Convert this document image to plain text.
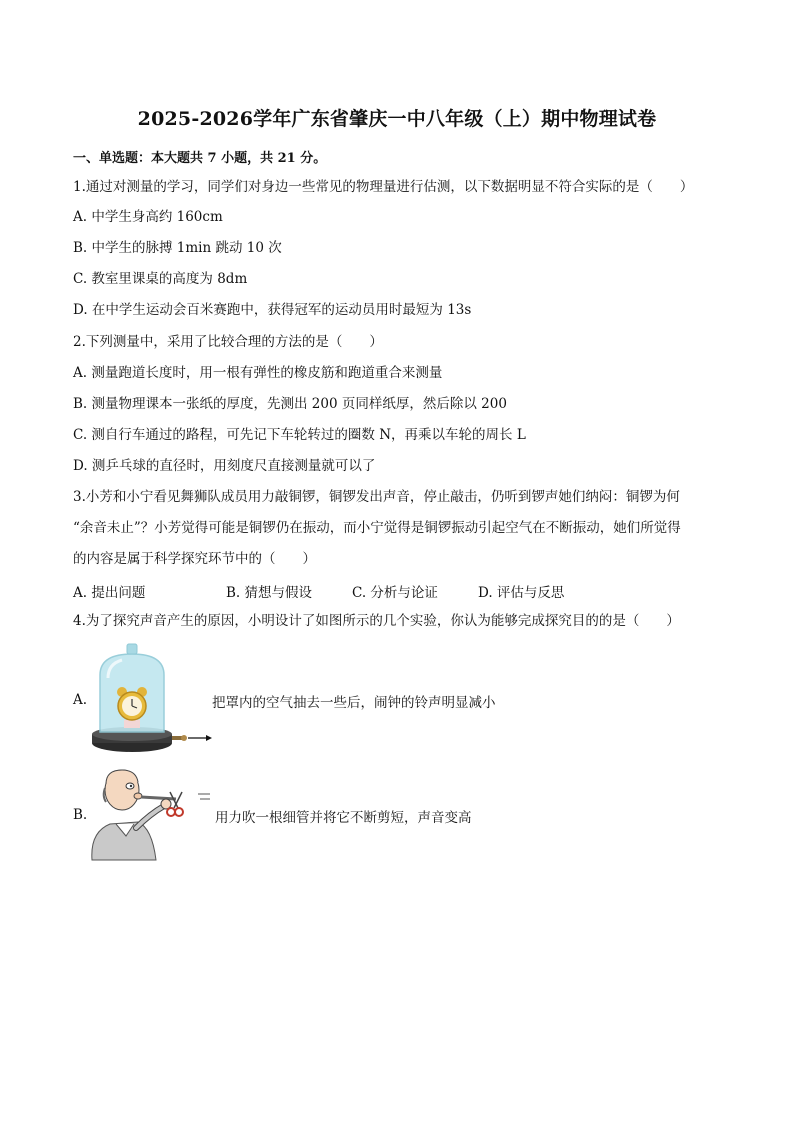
2025-2026学年广东省肇庆一中八年级（上）期中物理试卷
一、单选题：本大题共 7 小题，共 21 分。
1.通过对测量的学习，同学们对身边一些常见的物理量进行估测，以下数据明显不符合实际的是（　　）
A. 中学生身高约 160cm
B. 中学生的脉搏 1min 跳动 10 次
C. 教室里课桌的高度为 8dm
D. 在中学生运动会百米赛跑中，获得冠军的运动员用时最短为 13s
2.下列测量中，采用了比较合理的方法的是（　　）
A. 测量跑道长度时，用一根有弹性的橡皮筋和跑道重合来测量
B. 测量物理课本一张纸的厚度，先测出 200 页同样纸厚，然后除以 200
C. 测自行车通过的路程，可先记下车轮转过的圈数 N，再乘以车轮的周长 L
D. 测乒乓球的直径时，用刻度尺直接测量就可以了
3.小芳和小宁看见舞狮队成员用力敲铜锣，铜锣发出声音，停止敲击，仍听到锣声她们纳闷：铜锣为何
“余音未止”？小芳觉得可能是铜锣仍在振动，而小宁觉得是铜锣振动引起空气在不断振动，她们所觉得
的内容是属于科学探究环节中的（　　）
A. 提出问题	B. 猜想与假设	C. 分析与论证	D. 评估与反思
4.为了探究声音产生的原因，小明设计了如图所示的几个实验，你认为能够完成探究目的的是（　　）
A.	把罩内的空气抽去一些后，闹钟的铃声明显减小
B.	用力吹一根细管并将它不断剪短，声音变高
